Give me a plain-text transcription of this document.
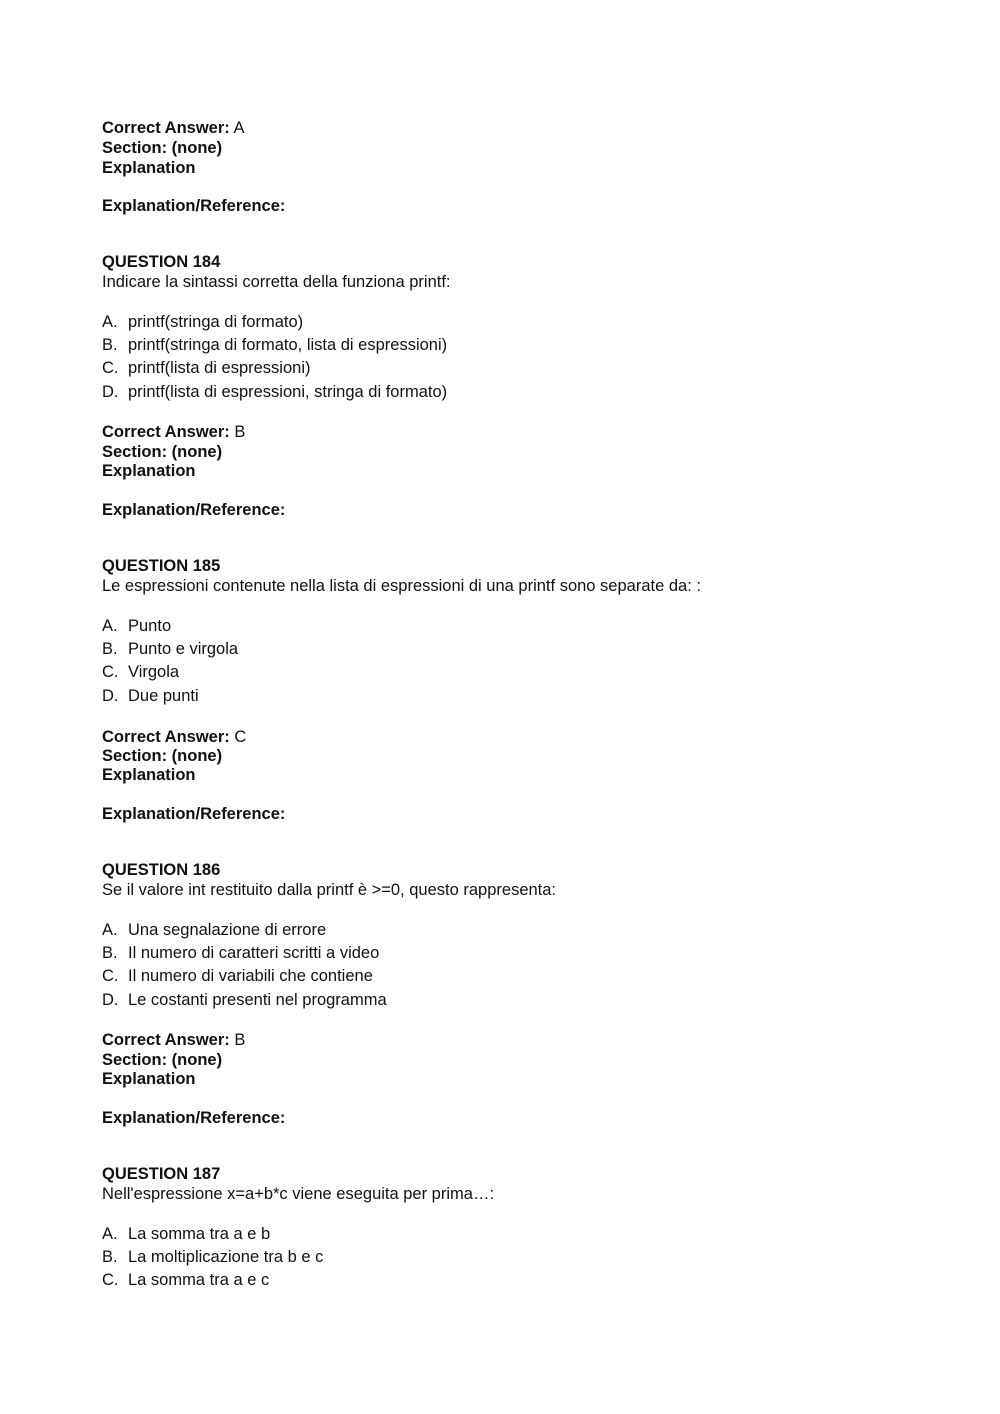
Correct Answer: A
Section: (none)
Explanation
Explanation/Reference:
QUESTION 184
Indicare la sintassi corretta della funziona printf:
A. printf(stringa di formato)
B. printf(stringa di formato, lista di espressioni)
C. printf(lista di espressioni)
D. printf(lista di espressioni, stringa di formato)
Correct Answer: B
Section: (none)
Explanation
Explanation/Reference:
QUESTION 185
Le espressioni contenute nella lista di espressioni di una printf sono separate da: :
A. Punto
B. Punto e virgola
C. Virgola
D. Due punti
Correct Answer: C
Section: (none)
Explanation
Explanation/Reference:
QUESTION 186
Se il valore int restituito dalla printf è >=0, questo rappresenta:
A. Una segnalazione di errore
B. Il numero di caratteri scritti a video
C. Il numero di variabili che contiene
D. Le costanti presenti nel programma
Correct Answer: B
Section: (none)
Explanation
Explanation/Reference:
QUESTION 187
Nell'espressione x=a+b*c viene eseguita per prima…:
A. La somma tra a e b
B. La moltiplicazione tra b e c
C. La somma tra a e c
